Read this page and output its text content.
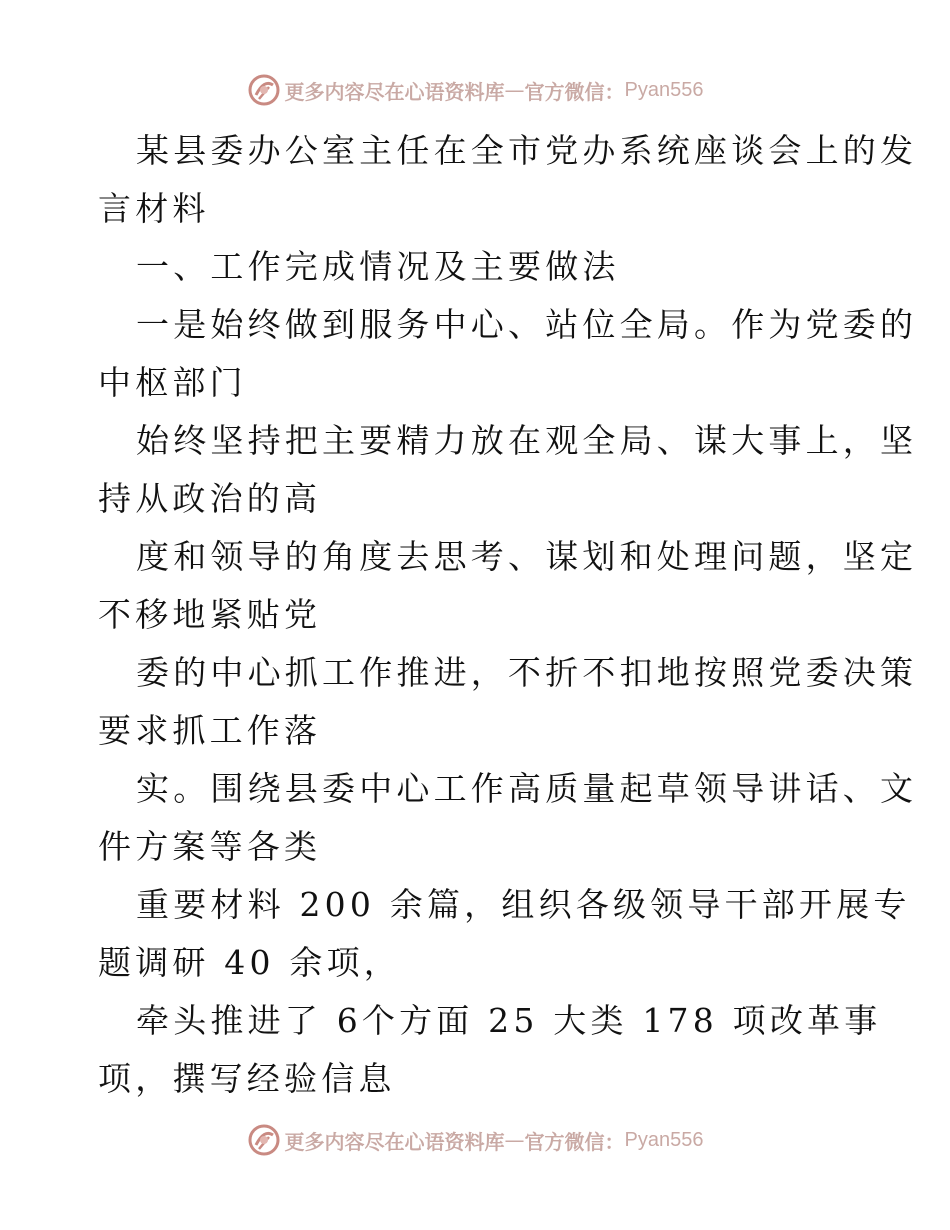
更多内容尽在心语资料库 — 官方微信： Pyan556
某县委办公室主任在全市党办系统座谈会上的发
言材料
一、工作完成情况及主要做法
一是始终做到服务中心、站位全局。作为党委的
中枢部门
始终坚持把主要精力放在观全局、谋大事上，坚
持从政治的高
度和领导的角度去思考、谋划和处理问题，坚定
不移地紧贴党
委的中心抓工作推进，不折不扣地按照党委决策
要求抓工作落
实。围绕县委中心工作高质量起草领导讲话、文
件方案等各类
重要材料 200 余篇，组织各级领导干部开展专
题调研 40 余项，
牵头推进了 6个方面 25 大类 178 项改革事
项，撰写经验信息
更多内容尽在心语资料库 — 官方微信： Pyan556
